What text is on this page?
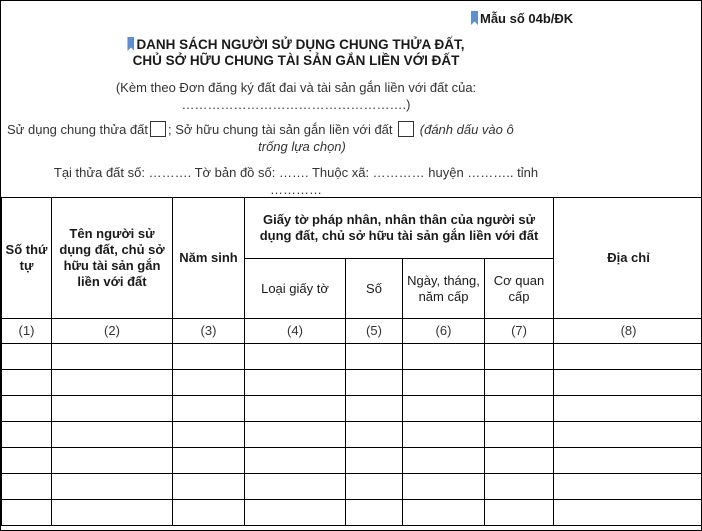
Mẫu số 04b/ĐK
DANH SÁCH NGƯỜI SỬ DỤNG CHUNG THỬA ĐẤT,
CHỦ SỞ HỮU CHUNG TÀI SẢN GẮN LIỀN VỚI ĐẤT
(Kèm theo Đơn đăng ký đất đai và tài sản gắn liền với đất của:
…………………………………………….)
Sử dụng chung thửa đất ; Sở hữu chung tài sản gắn liền với đất (đánh dấu vào ô
trống lựa chọn)
Tại thửa đất số: ………. Tờ bản đồ số: ……. Thuộc xã: ………… huyện ……….. tỉnh
…………
Số thứ tự	Tên người sử dụng đất, chủ sở hữu tài sản gắn liền với đất	Năm sinh	Giấy tờ pháp nhân, nhân thân của người sử dụng đất, chủ sở hữu tài sản gắn liền với đất				Địa chỉ
			Loại giấy tờ	Số	Ngày, tháng, năm cấp	Cơ quan cấp	
(1)	(2)	(3)	(4)	(5)	(6)	(7)	(8)
